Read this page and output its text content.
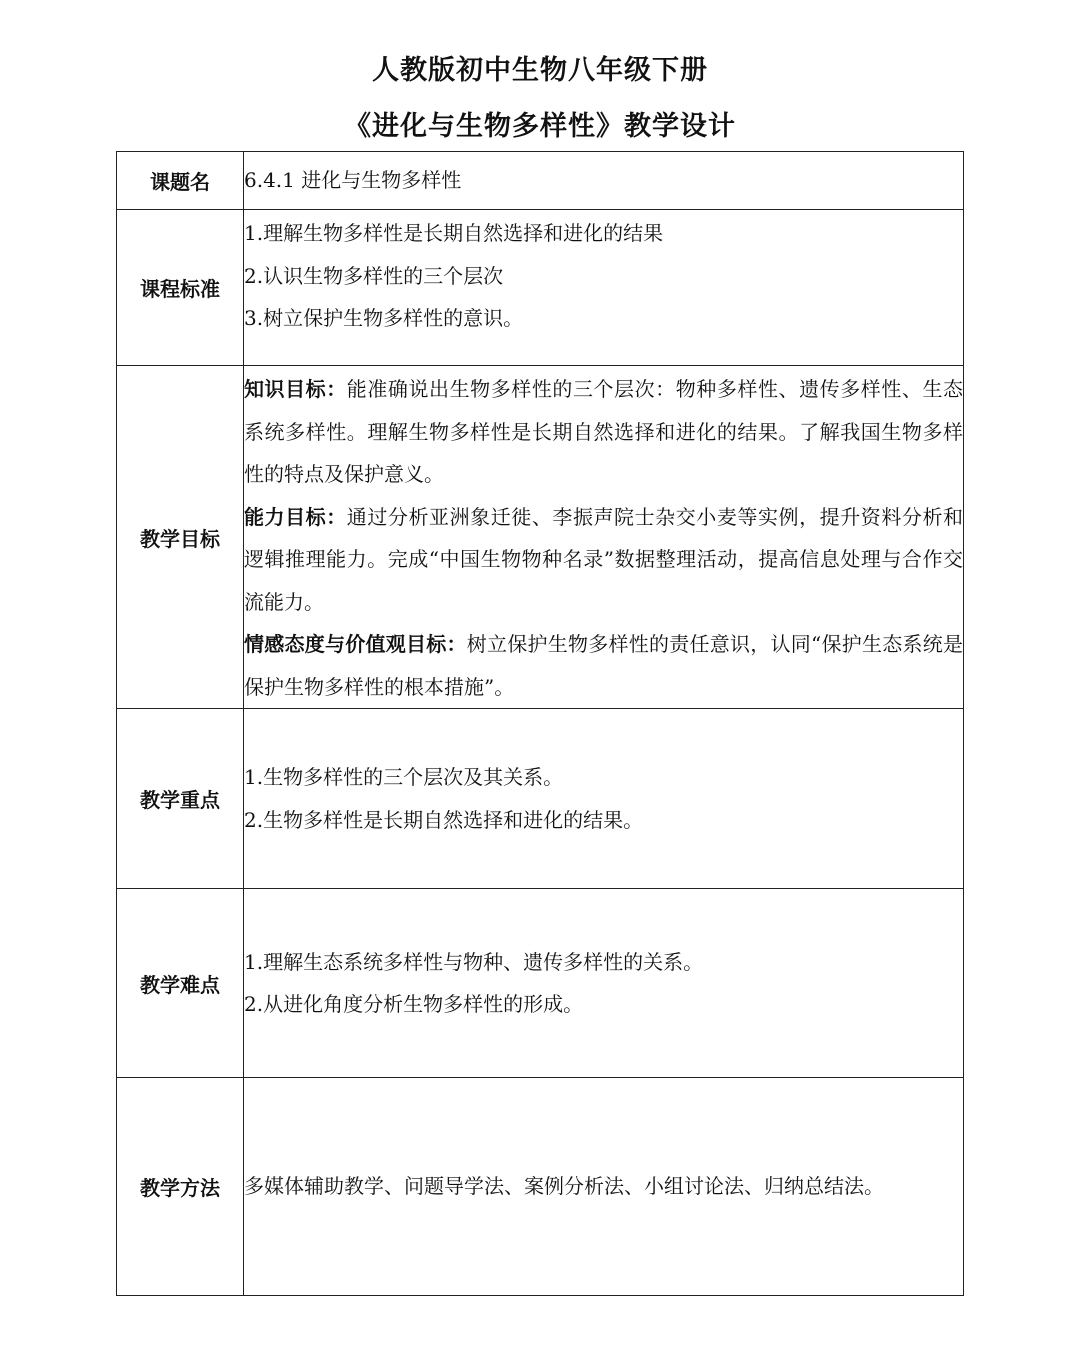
人教版初中生物八年级下册
《进化与生物多样性》教学设计
课题名	6.4.1 进化与生物多样性

课程标准	1.理解生物多样性是长期自然选择和进化的结果
2.认识生物多样性的三个层次
3.树立保护生物多样性的意识。

教学目标	知识目标：能准确说出生物多样性的三个层次：物种多样性、遗传多样性、生态系统多样性。理解生物多样性是长期自然选择和进化的结果。了解我国生物多样性的特点及保护意义。
能力目标：通过分析亚洲象迁徙、李振声院士杂交小麦等实例，提升资料分析和逻辑推理能力。完成“中国生物物种名录”数据整理活动，提高信息处理与合作交流能力。
情感态度与价值观目标：树立保护生物多样性的责任意识，认同“保护生态系统是保护生物多样性的根本措施”。

教学重点	1.生物多样性的三个层次及其关系。
2.生物多样性是长期自然选择和进化的结果。

教学难点	1.理解生态系统多样性与物种、遗传多样性的关系。
2.从进化角度分析生物多样性的形成。

教学方法	多媒体辅助教学、问题导学法、案例分析法、小组讨论法、归纳总结法。
